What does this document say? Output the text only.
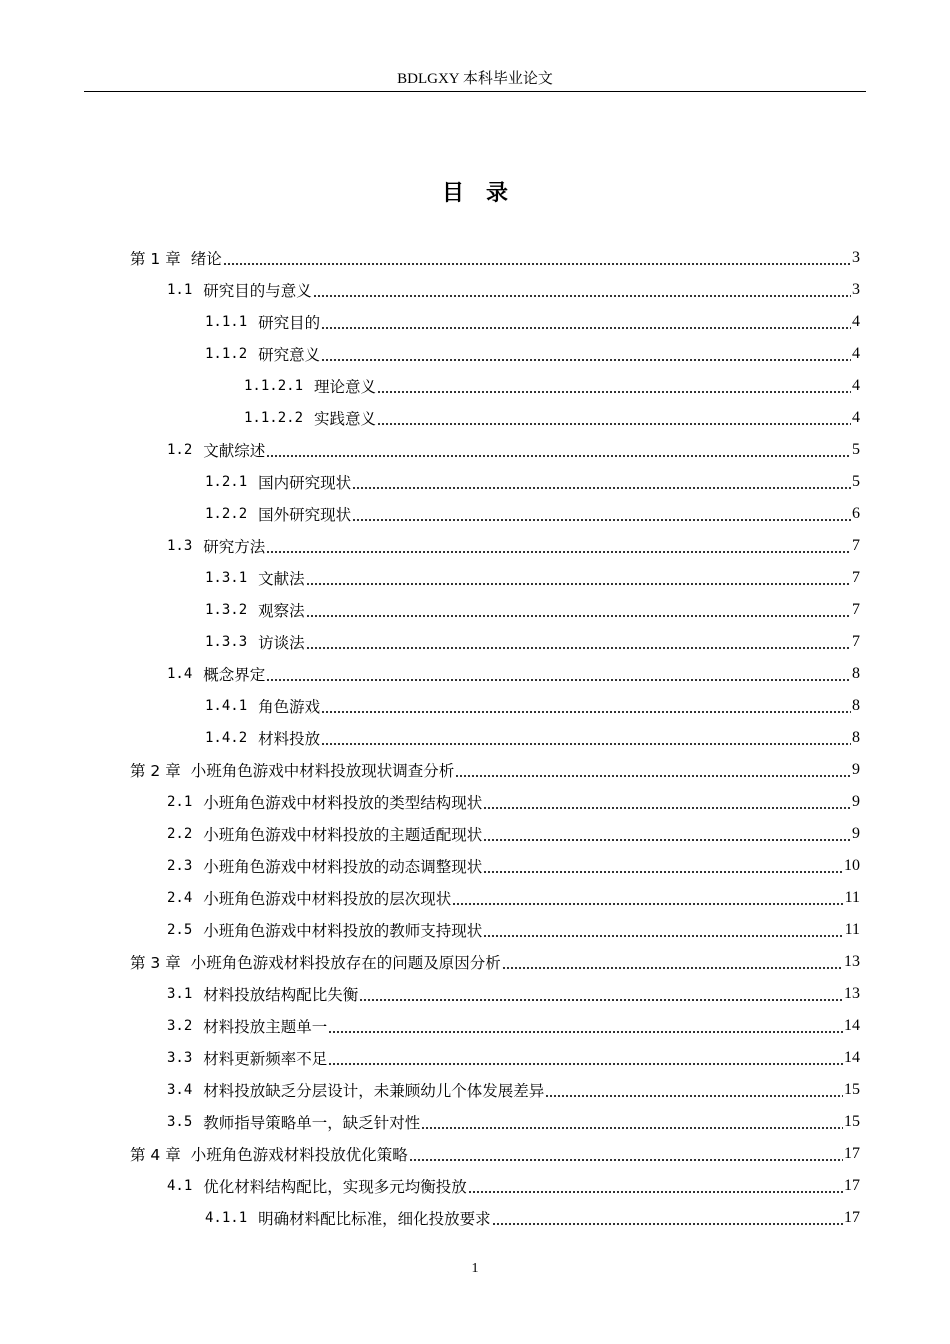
BDLGXY 本科毕业论文
目录
第 1 章 绪论	3
1.1 研究目的与意义	3
1.1.1 研究目的	4
1.1.2 研究意义	4
1.1.2.1 理论意义	4
1.1.2.2 实践意义	4
1.2 文献综述	5
1.2.1 国内研究现状	5
1.2.2 国外研究现状	6
1.3 研究方法	7
1.3.1 文献法	7
1.3.2 观察法	7
1.3.3 访谈法	7
1.4 概念界定	8
1.4.1 角色游戏	8
1.4.2 材料投放	8
第 2 章 小班角色游戏中材料投放现状调查分析	9
2.1 小班角色游戏中材料投放的类型结构现状	9
2.2 小班角色游戏中材料投放的主题适配现状	9
2.3 小班角色游戏中材料投放的动态调整现状	10
2.4 小班角色游戏中材料投放的层次现状	11
2.5 小班角色游戏中材料投放的教师支持现状	11
第 3 章 小班角色游戏材料投放存在的问题及原因分析	13
3.1 材料投放结构配比失衡	13
3.2 材料投放主题单一	14
3.3 材料更新频率不足	14
3.4 材料投放缺乏分层设计，未兼顾幼儿个体发展差异	15
3.5 教师指导策略单一，缺乏针对性	15
第 4 章 小班角色游戏材料投放优化策略	17
4.1 优化材料结构配比，实现多元均衡投放	17
4.1.1 明确材料配比标准，细化投放要求	17
1
